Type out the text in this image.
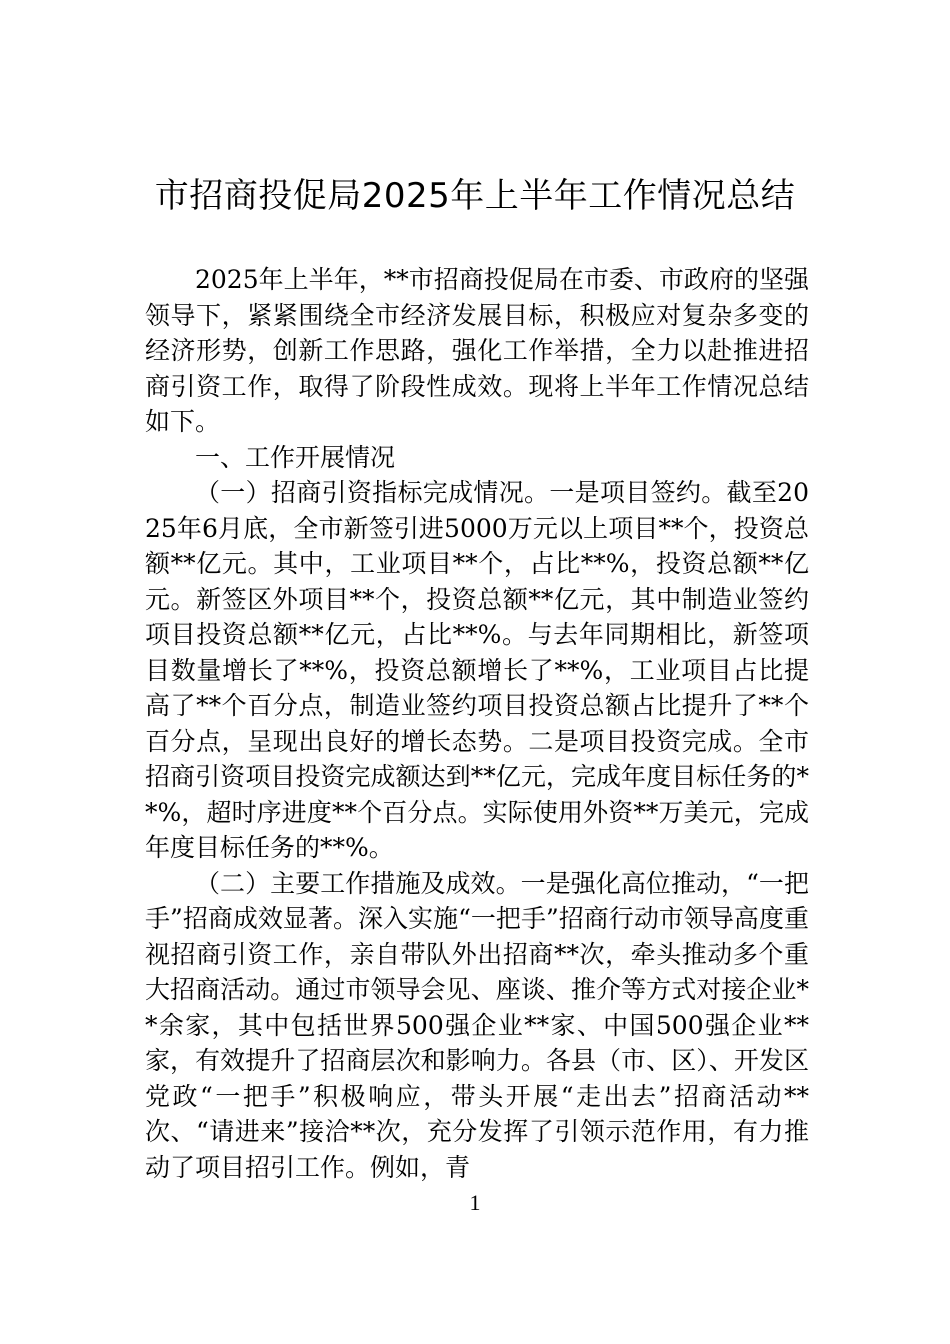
市招商投促局2025年上半年工作情况总结

2025年上半年，**市招商投促局在市委、市政府的坚强领导下，紧紧围绕全市经济发展目标，积极应对复杂多变的经济形势，创新工作思路，强化工作举措，全力以赴推进招商引资工作，取得了阶段性成效。现将上半年工作情况总结如下。

一、工作开展情况

（一）招商引资指标完成情况。一是项目签约。截至2025年6月底，全市新签引进5000万元以上项目**个，投资总额**亿元。其中，工业项目**个，占比**%，投资总额**亿元。新签区外项目**个，投资总额**亿元，其中制造业签约项目投资总额**亿元，占比**%。与去年同期相比，新签项目数量增长了**%，投资总额增长了**%，工业项目占比提高了**个百分点，制造业签约项目投资总额占比提升了**个百分点，呈现出良好的增长态势。二是项目投资完成。全市招商引资项目投资完成额达到**亿元，完成年度目标任务的**%，超时序进度**个百分点。实际使用外资**万美元，完成年度目标任务的**%。

（二）主要工作措施及成效。一是强化高位推动，“一把手”招商成效显著。深入实施“一把手”招商行动市领导高度重视招商引资工作，亲自带队外出招商**次，牵头推动多个重大招商活动。通过市领导会见、座谈、推介等方式对接企业**余家，其中包括世界500强企业**家、中国500强企业**家，有效提升了招商层次和影响力。各县（市、区）、开发区党政“一把手”积极响应，带头开展“走出去”招商活动**次、“请进来”接洽**次，充分发挥了引领示范作用，有力推动了项目招引工作。例如，青

1
